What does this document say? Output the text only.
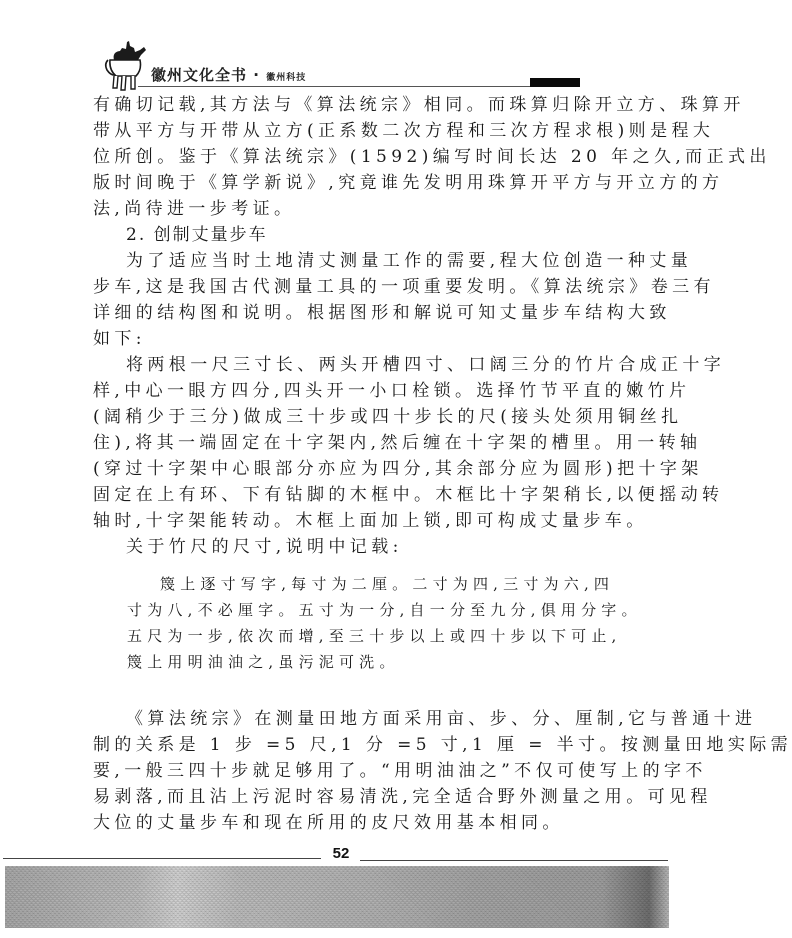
徽州文化全书 · 徽州科技
有确切记载,其方法与《算法统宗》相同。而珠算归除开立方、珠算开
带从平方与开带从立方(正系数二次方程和三次方程求根)则是程大
位所创。鉴于《算法统宗》(1592)编写时间长达 20 年之久,而正式出
版时间晚于《算学新说》,究竟谁先发明用珠算开平方与开立方的方
法,尚待进一步考证。
2. 创制丈量步车
为了适应当时土地清丈测量工作的需要,程大位创造一种丈量
步车,这是我国古代测量工具的一项重要发明。《算法统宗》卷三有
详细的结构图和说明。根据图形和解说可知丈量步车结构大致
如下:
将两根一尺三寸长、两头开槽四寸、口阔三分的竹片合成正十字
样,中心一眼方四分,四头开一小口栓锁。选择竹节平直的嫩竹片
(阔稍少于三分)做成三十步或四十步长的尺(接头处须用铜丝扎
住),将其一端固定在十字架内,然后缠在十字架的槽里。用一转轴
(穿过十字架中心眼部分亦应为四分,其余部分应为圆形)把十字架
固定在上有环、下有钻脚的木框中。木框比十字架稍长,以便摇动转
轴时,十字架能转动。木框上面加上锁,即可构成丈量步车。
关于竹尺的尺寸,说明中记载:
篾上逐寸写字,每寸为二厘。二寸为四,三寸为六,四
寸为八,不必厘字。五寸为一分,自一分至九分,俱用分字。
五尺为一步,依次而增,至三十步以上或四十步以下可止,
篾上用明油油之,虽污泥可洗。
《算法统宗》在测量田地方面采用亩、步、分、厘制,它与普通十进
制的关系是 1 步 =5 尺,1 分 =5 寸,1 厘 = 半寸。按测量田地实际需
要,一般三四十步就足够用了。“用明油油之”不仅可使写上的字不
易剥落,而且沾上污泥时容易清洗,完全适合野外测量之用。可见程
大位的丈量步车和现在所用的皮尺效用基本相同。
52
